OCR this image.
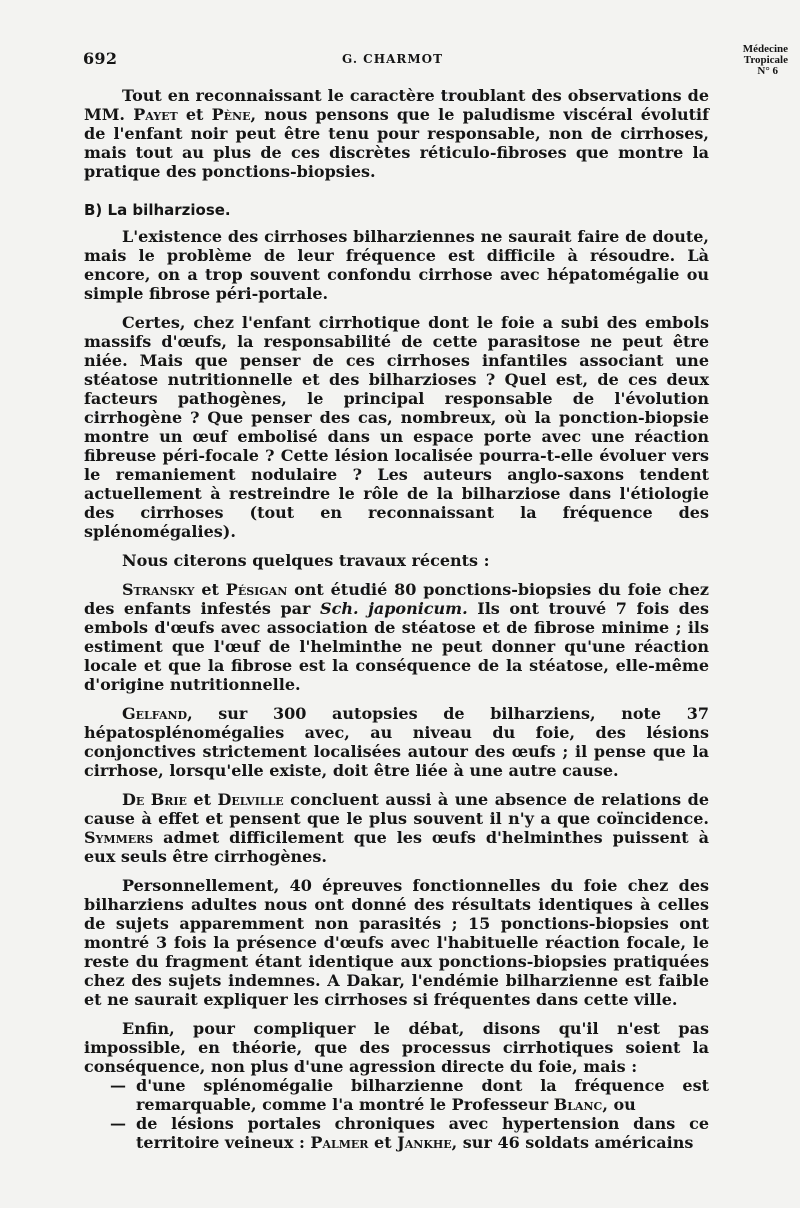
692	G. CHARMOT
Médecine
Tropicale
N° 6

Tout en reconnaissant le caractère troublant des observations de MM. Payet et Pène, nous pensons que le paludisme viscéral évolutif de l'enfant noir peut être tenu pour responsable, non de cirrhoses, mais tout au plus de ces discrètes réticulo-fibroses que montre la pratique des ponctions-biopsies.

B) La bilharziose.

L'existence des cirrhoses bilharziennes ne saurait faire de doute, mais le problème de leur fréquence est difficile à résoudre. Là encore, on a trop souvent confondu cirrhose avec hépatomégalie ou simple fibrose péri-portale.

Certes, chez l'enfant cirrhotique dont le foie a subi des embols massifs d'œufs, la responsabilité de cette parasitose ne peut être niée. Mais que penser de ces cirrhoses infantiles associant une stéatose nutritionnelle et des bilharzioses ? Quel est, de ces deux facteurs pathogènes, le principal responsable de l'évolution cirrhogène ? Que penser des cas, nombreux, où la ponction-biopsie montre un œuf embolisé dans un espace porte avec une réaction fibreuse péri-focale ? Cette lésion localisée pourra-t-elle évoluer vers le remaniement nodulaire ? Les auteurs anglo-saxons tendent actuellement à restreindre le rôle de la bilharziose dans l'étiologie des cirrhoses (tout en reconnaissant la fréquence des splénomégalies).

Nous citerons quelques travaux récents :

Stransky et Pésigan ont étudié 80 ponctions-biopsies du foie chez des enfants infestés par Sch. japonicum. Ils ont trouvé 7 fois des embols d'œufs avec association de stéatose et de fibrose minime ; ils estiment que l'œuf de l'helminthe ne peut donner qu'une réaction locale et que la fibrose est la conséquence de la stéatose, elle-même d'origine nutritionnelle.

Gelfand, sur 300 autopsies de bilharziens, note 37 hépatosplénomégalies avec, au niveau du foie, des lésions conjonctives strictement localisées autour des œufs ; il pense que la cirrhose, lorsqu'elle existe, doit être liée à une autre cause.

De Brie et Delville concluent aussi à une absence de relations de cause à effet et pensent que le plus souvent il n'y a que coïncidence. Symmers admet difficilement que les œufs d'helminthes puissent à eux seuls être cirrhogènes.

Personnellement, 40 épreuves fonctionnelles du foie chez des bilharziens adultes nous ont donné des résultats identiques à celles de sujets apparemment non parasités ; 15 ponctions-biopsies ont montré 3 fois la présence d'œufs avec l'habituelle réaction focale, le reste du fragment étant identique aux ponctions-biopsies pratiquées chez des sujets indemnes. A Dakar, l'endémie bilharzienne est faible et ne saurait expliquer les cirrhoses si fréquentes dans cette ville.

Enfin, pour compliquer le débat, disons qu'il n'est pas impossible, en théorie, que des processus cirrhotiques soient la conséquence, non plus d'une agression directe du foie, mais :

— d'une splénomégalie bilharzienne dont la fréquence est remarquable, comme l'a montré le Professeur Blanc, ou
— de lésions portales chroniques avec hypertension dans ce territoire veineux : Palmer et Jankhe, sur 46 soldats américains
